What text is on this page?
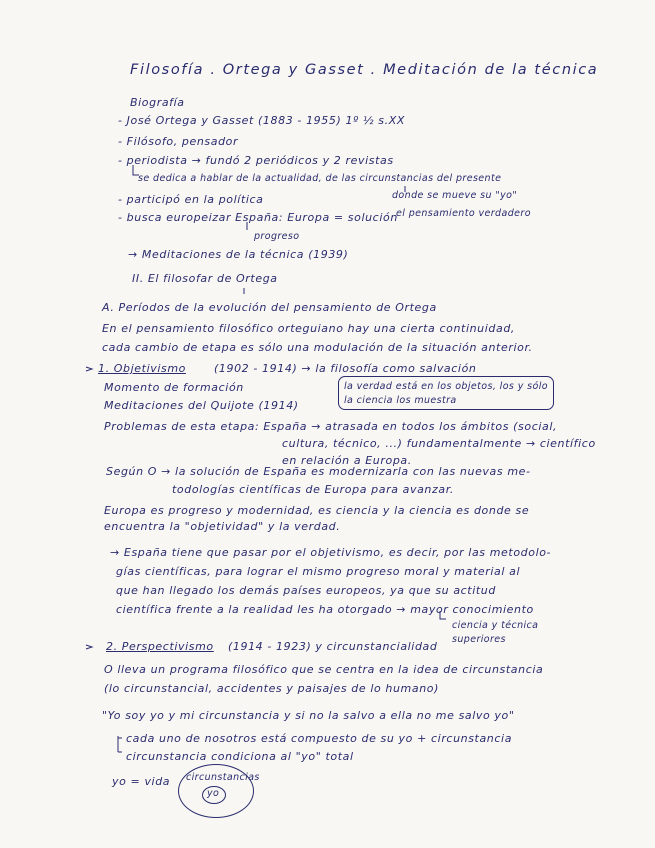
Filosofía . Ortega y Gasset . Meditación de la técnica
Biografía
- José Ortega y Gasset (1883 - 1955) 1º ½ s.XX
- Filósofo, pensador
- periodista → fundó 2 periódicos y 2 revistas
se dedica a hablar de la actualidad, de las circunstancias del presente
donde se mueve su "yo"
- participó en la política
el pensamiento verdadero
- busca europeizar España: Europa = solución
progreso
→ Meditaciones de la técnica (1939)
II. El filosofar de Ortega
A. Períodos de la evolución del pensamiento de Ortega
En el pensamiento filosófico orteguiano hay una cierta continuidad,
cada cambio de etapa es sólo una modulación de la situación anterior.
1. Objetivismo	(1902 - 1914) → la filosofía como salvación
Momento de formación	la verdad está en los objetos, los y sólo
la ciencia los muestra
Meditaciones del Quijote (1914)
Problemas de esta etapa: España → atrasada en todos los ámbitos (social,
cultura, técnico, ...) fundamentalmente → científico
en relación a Europa.
Según O → la solución de España es modernizarla con las nuevas me-
todologías científicas de Europa para avanzar.
Europa es progreso y modernidad, es ciencia y la ciencia es donde se
encuentra la "objetividad" y la verdad.
→ España tiene que pasar por el objetivismo, es decir, por las metodolo-
gías científicas, para lograr el mismo progreso moral y material al
que han llegado los demás países europeos, ya que su actitud
científica frente a la realidad les ha otorgado → mayor conocimiento
ciencia y técnica
superiores
2. Perspectivismo (1914 - 1923) y circunstancialidad
O lleva un programa filosófico que se centra en la idea de circunstancia
(lo circunstancial, accidentes y paisajes de lo humano)
"Yo soy yo y mi circunstancia y si no la salvo a ella no me salvo yo"
cada uno de nosotros está compuesto de su yo + circunstancia
circunstancia condiciona al "yo" total
yo = vida circunstancias
yo
